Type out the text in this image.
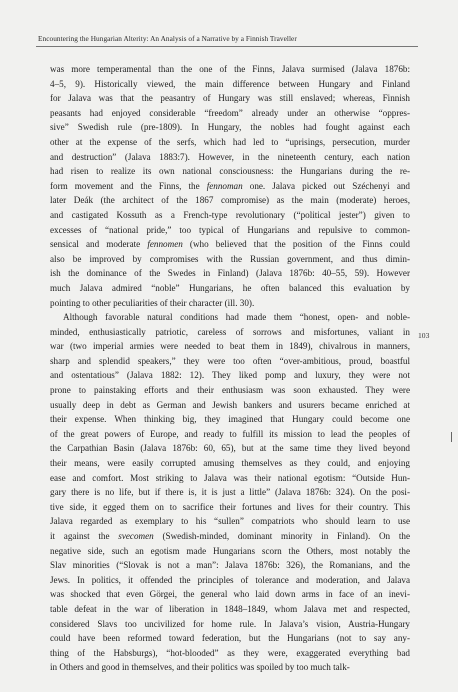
Encountering the Hungarian Alterity: An Analysis of a Narrative by a Finnish Traveller
was more temperamental than the one of the Finns, Jalava surmised (Jalava 1876b:
4–5, 9). Historically viewed, the main difference between Hungary and Finland
for Jalava was that the peasantry of Hungary was still enslaved; whereas, Finnish
peasants had enjoyed considerable “freedom” already under an otherwise “oppres-
sive” Swedish rule (pre-1809). In Hungary, the nobles had fought against each
other at the expense of the serfs, which had led to “uprisings, persecution, murder
and destruction” (Jalava 1883:7). However, in the nineteenth century, each nation
had risen to realize its own national consciousness: the Hungarians during the re-
form movement and the Finns, the fennoman one. Jalava picked out Széchenyi and
later Deák (the architect of the 1867 compromise) as the main (moderate) heroes,
and castigated Kossuth as a French-type revolutionary (“political jester”) given to
excesses of “national pride,” too typical of Hungarians and repulsive to common-
sensical and moderate fennomen (who believed that the position of the Finns could
also be improved by compromises with the Russian government, and thus dimin-
ish the dominance of the Swedes in Finland) (Jalava 1876b: 40–55, 59). However
much Jalava admired “noble” Hungarians, he often balanced this evaluation by
pointing to other peculiarities of their character (ill. 30).
Although favorable natural conditions had made them “honest, open- and noble-
minded, enthusiastically patriotic, careless of sorrows and misfortunes, valiant in
war (two imperial armies were needed to beat them in 1849), chivalrous in manners,
sharp and splendid speakers,” they were too often “over-ambitious, proud, boastful
and ostentatious” (Jalava 1882: 12). They liked pomp and luxury, they were not
prone to painstaking efforts and their enthusiasm was soon exhausted. They were
usually deep in debt as German and Jewish bankers and usurers became enriched at
their expense. When thinking big, they imagined that Hungary could become one
of the great powers of Europe, and ready to fulfill its mission to lead the peoples of
the Carpathian Basin (Jalava 1876b: 60, 65), but at the same time they lived beyond
their means, were easily corrupted amusing themselves as they could, and enjoying
ease and comfort. Most striking to Jalava was their national egotism: “Outside Hun-
gary there is no life, but if there is, it is just a little” (Jalava 1876b: 324). On the posi-
tive side, it egged them on to sacrifice their fortunes and lives for their country. This
Jalava regarded as exemplary to his “sullen” compatriots who should learn to use
it against the svecomen (Swedish-minded, dominant minority in Finland). On the
negative side, such an egotism made Hungarians scorn the Others, most notably the
Slav minorities (“Slovak is not a man”: Jalava 1876b: 326), the Romanians, and the
Jews. In politics, it offended the principles of tolerance and moderation, and Jalava
was shocked that even Görgei, the general who laid down arms in face of an inevi-
table defeat in the war of liberation in 1848–1849, whom Jalava met and respected,
considered Slavs too uncivilized for home rule. In Jalava’s vision, Austria-Hungary
could have been reformed toward federation, but the Hungarians (not to say any-
thing of the Habsburgs), “hot-blooded” as they were, exaggerated everything bad
in Others and good in themselves, and their politics was spoiled by too much talk-
103
